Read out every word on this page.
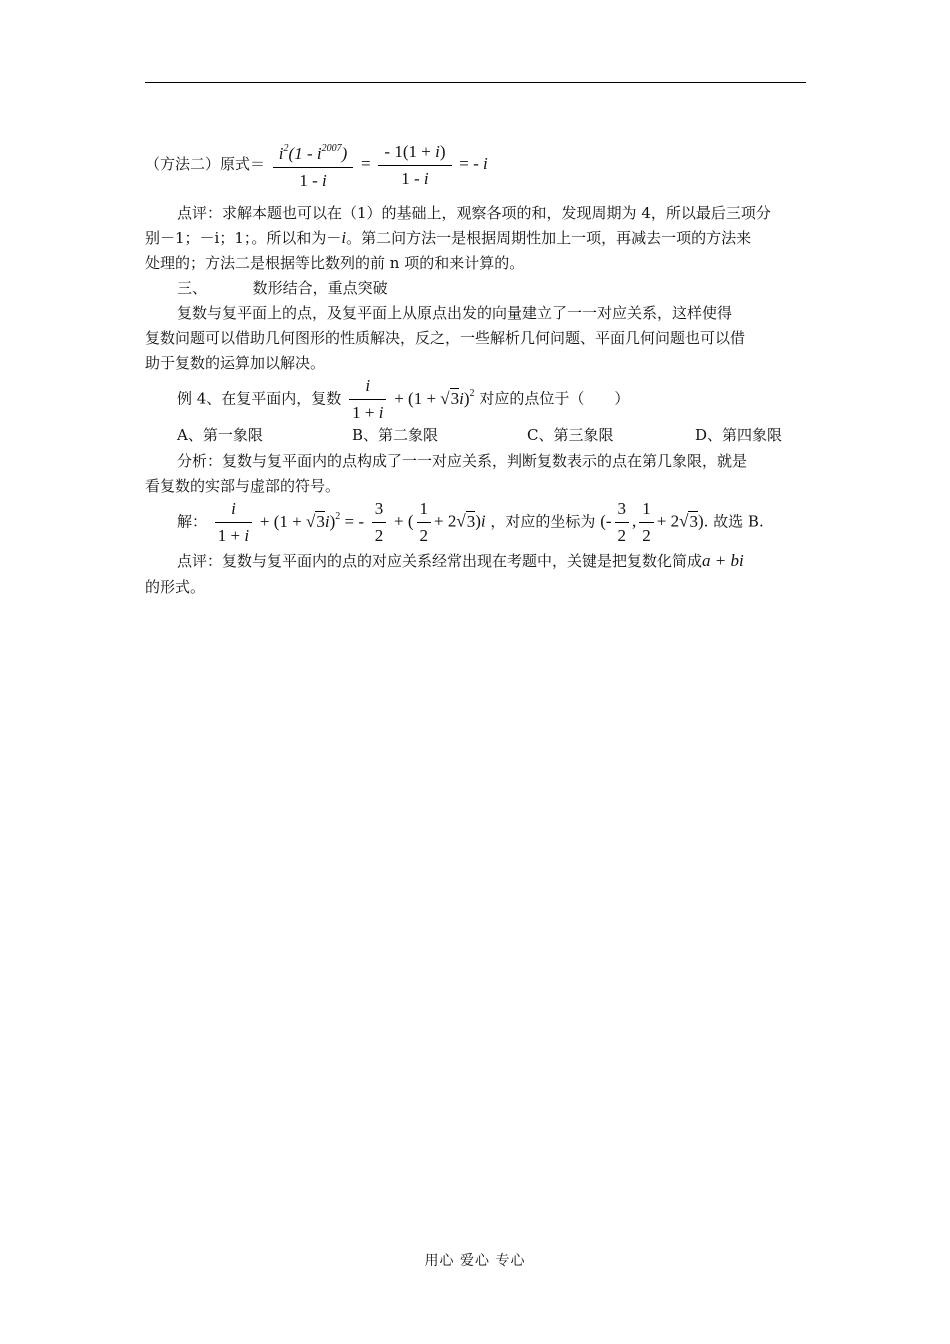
（方法二）原式＝ $\frac{i^2(1 - i^{2007})}{1 - i} = \frac{- 1(1 + i)}{1 - i}$ = - i
点评：求解本题也可以在（1）的基础上，观察各项的和，发现周期为 4，所以最后三项分
别－1；－i；1；。所以和为－i。第二问方法一是根据周期性加上一项，再减去一项的方法来
处理的；方法二是根据等比数列的前 n 项的和来计算的。
三、	数形结合，重点突破
复数与复平面上的点，及复平面上从原点出发的向量建立了一一对应关系，这样使得
复数问题可以借助几何图形的性质解决，反之，一些解析几何问题、平面几何问题也可以借
助于复数的运算加以解决。
例 4、在复平面内，复数 $\frac{i}{1 + i} + (1 + √3i)^2$ 对应的点位于（　　）
A、第一象限	B、第二象限	C、第三象限	D、第四象限
分析：复数与复平面内的点构成了一一对应关系，判断复数表示的点在第几象限，就是
看复数的实部与虚部的符号。
解： $\frac{i}{1 + i} + (1 + √3i)^2$ = - $\frac{3}{2}$ + ( $\frac{1}{2} + 2√3)i$ ，对应的坐标为 (- $\frac{3}{2}$ , $\frac{1}{2} + 2√3$). 故选 B.
点评：复数与复平面内的点的对应关系经常出现在考题中，关键是把复数化简成a + bi
的形式。
用心 爱心 专心
